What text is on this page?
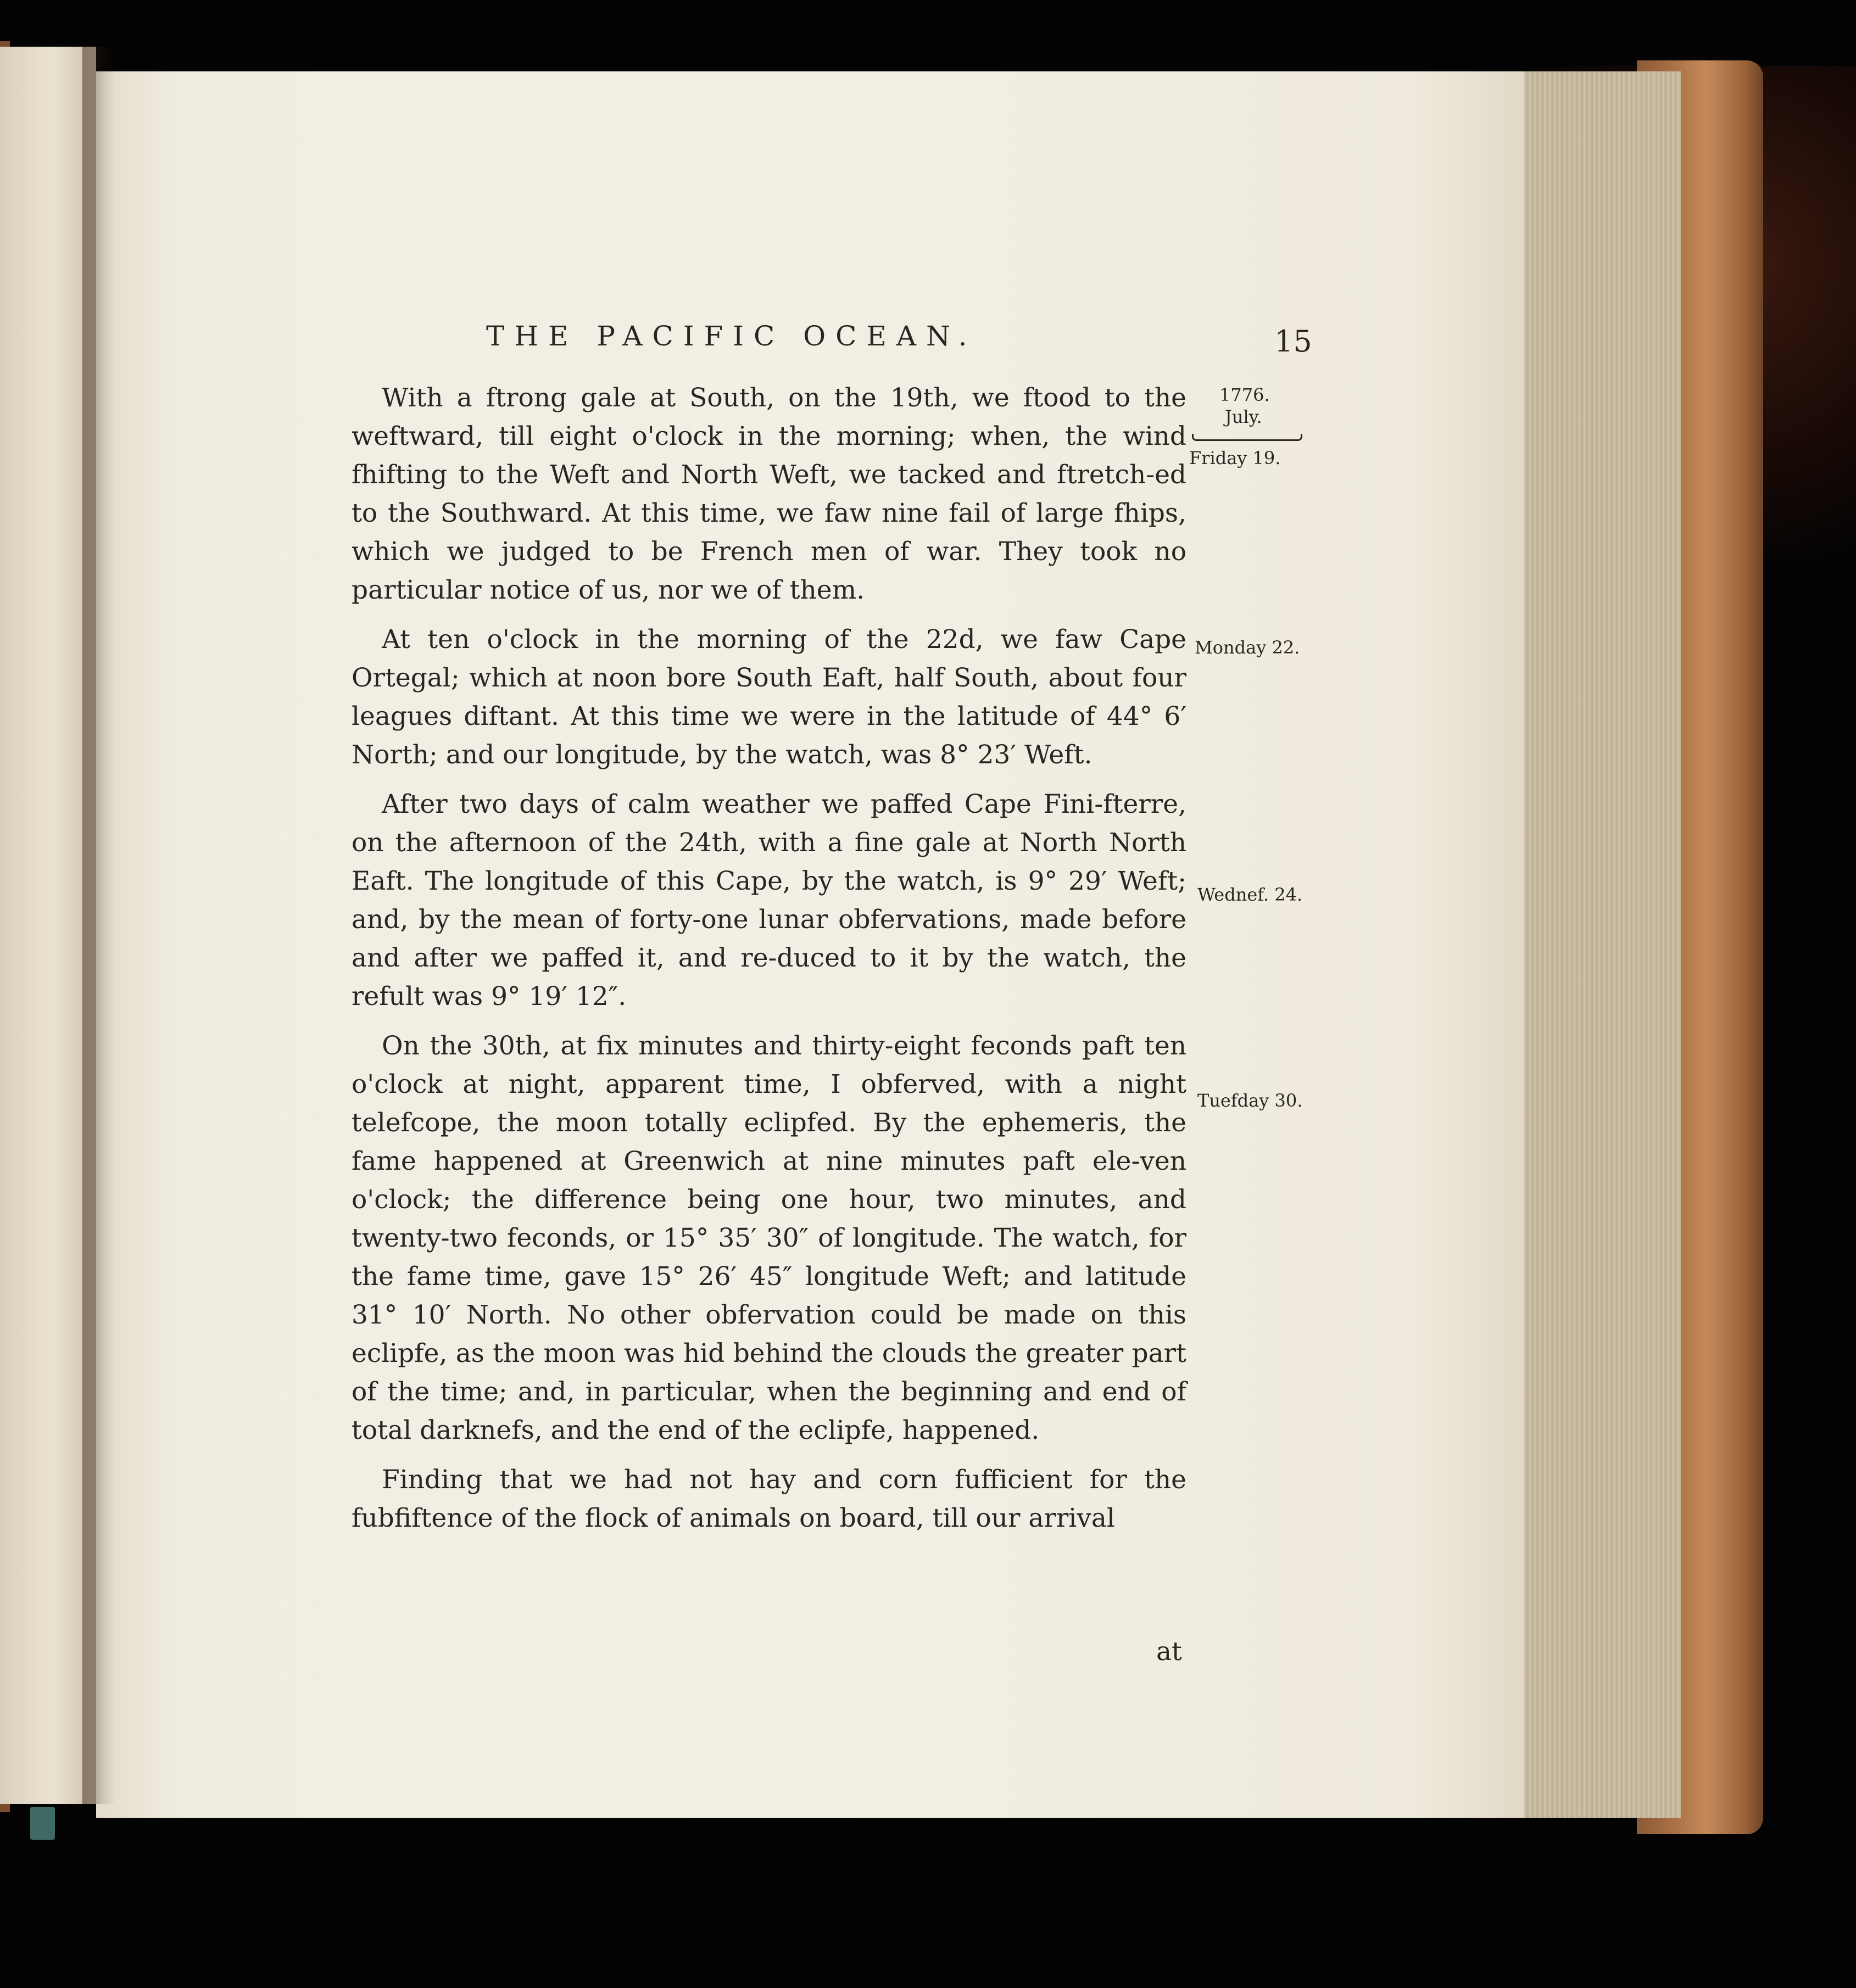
THE PACIFIC OCEAN.	15

With a ftrong gale at South, on the 19th, we ftood to the weftward, till eight o'clock in the morning; when, the wind fhifting to the Weft and North Weft, we tacked and ftretch-ed to the Southward. At this time, we faw nine fail of large fhips, which we judged to be French men of war. They took no particular notice of us, nor we of them.

At ten o'clock in the morning of the 22d, we faw Cape Ortegal; which at noon bore South Eaft, half South, about four leagues diftant. At this time we were in the latitude of 44° 6′ North; and our longitude, by the watch, was 8° 23′ Weft.

After two days of calm weather we paffed Cape Fini-fterre, on the afternoon of the 24th, with a fine gale at North North Eaft. The longitude of this Cape, by the watch, is 9° 29′ Weft; and, by the mean of forty-one lunar obfervations, made before and after we paffed it, and re-duced to it by the watch, the refult was 9° 19′ 12″.

On the 30th, at fix minutes and thirty-eight feconds paft ten o'clock at night, apparent time, I obferved, with a night telefcope, the moon totally eclipfed. By the ephemeris, the fame happened at Greenwich at nine minutes paft ele-ven o'clock; the difference being one hour, two minutes, and twenty-two feconds, or 15° 35′ 30″ of longitude. The watch, for the fame time, gave 15° 26′ 45″ longitude Weft; and latitude 31° 10′ North. No other obfervation could be made on this eclipfe, as the moon was hid behind the clouds the greater part of the time; and, in particular, when the beginning and end of total darknefs, and the end of the eclipfe, happened.

Finding that we had not hay and corn fufficient for the fubfiftence of the flock of animals on board, till our arrival

at
1776.
July.
Friday 19.
Monday 22.
Wednef. 24.
Tuefday 30.
